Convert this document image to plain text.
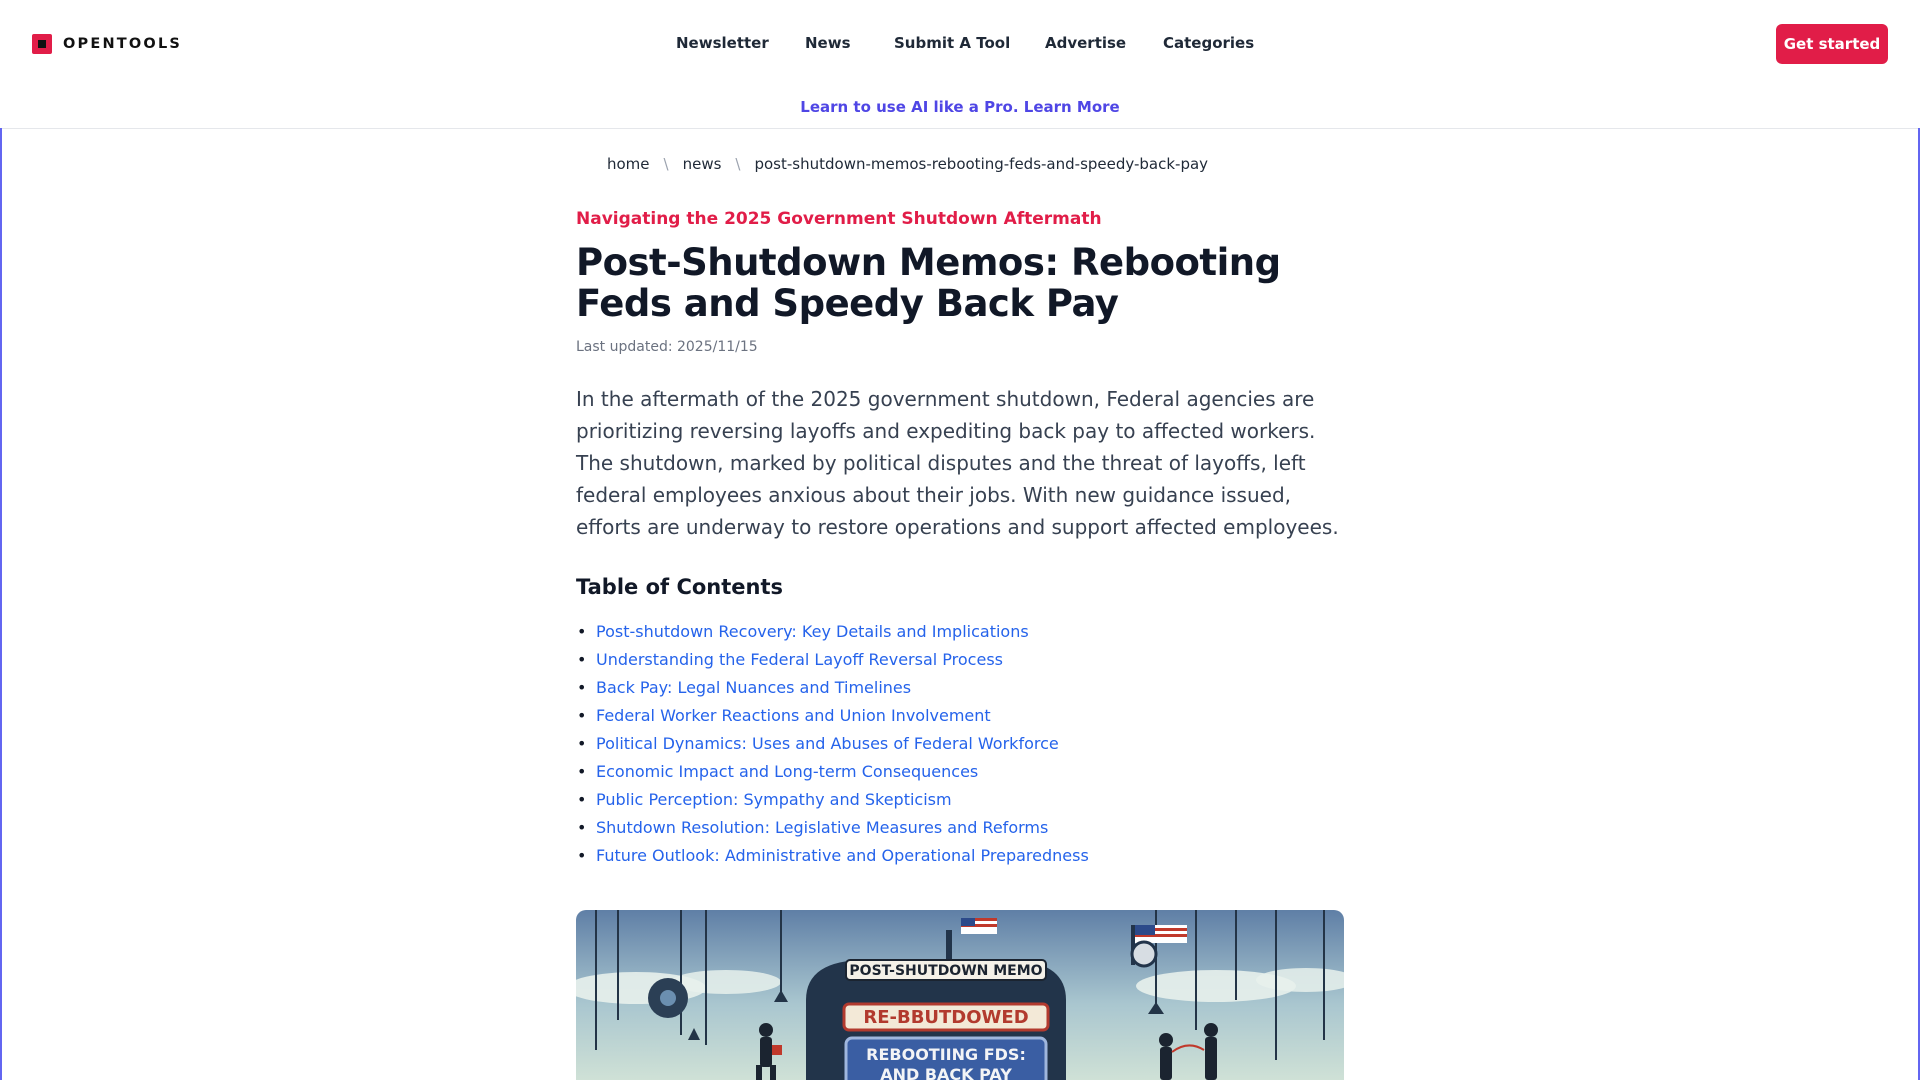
OPENTOOLS	Newsletter News	Submit A Tool Advertise Categories	Get started
Learn to use AI like a Pro. Learn More
home \ news \ post-shutdown-memos-rebooting-feds-and-speedy-back-pay
Navigating the 2025 Government Shutdown Aftermath
Post-Shutdown Memos: Rebooting Feds and Speedy Back Pay
Last updated: 2025/11/15

In the aftermath of the 2025 government shutdown, Federal agencies are prioritizing reversing layoffs and expediting back pay to affected workers. The shutdown, marked by political disputes and the threat of layoffs, left federal employees anxious about their jobs. With new guidance issued, efforts are underway to restore operations and support affected employees.

Table of Contents
• Post-shutdown Recovery: Key Details and Implications
• Understanding the Federal Layoff Reversal Process
• Back Pay: Legal Nuances and Timelines
• Federal Worker Reactions and Union Involvement
• Political Dynamics: Uses and Abuses of Federal Workforce
• Economic Impact and Long-term Consequences
• Public Perception: Sympathy and Skepticism
• Shutdown Resolution: Legislative Measures and Reforms
• Future Outlook: Administrative and Operational Preparedness
POST-SHUTDOWN MEMO
RE-BBUTDOWED
REBOOTIING FDS:
AND BACK PAY
